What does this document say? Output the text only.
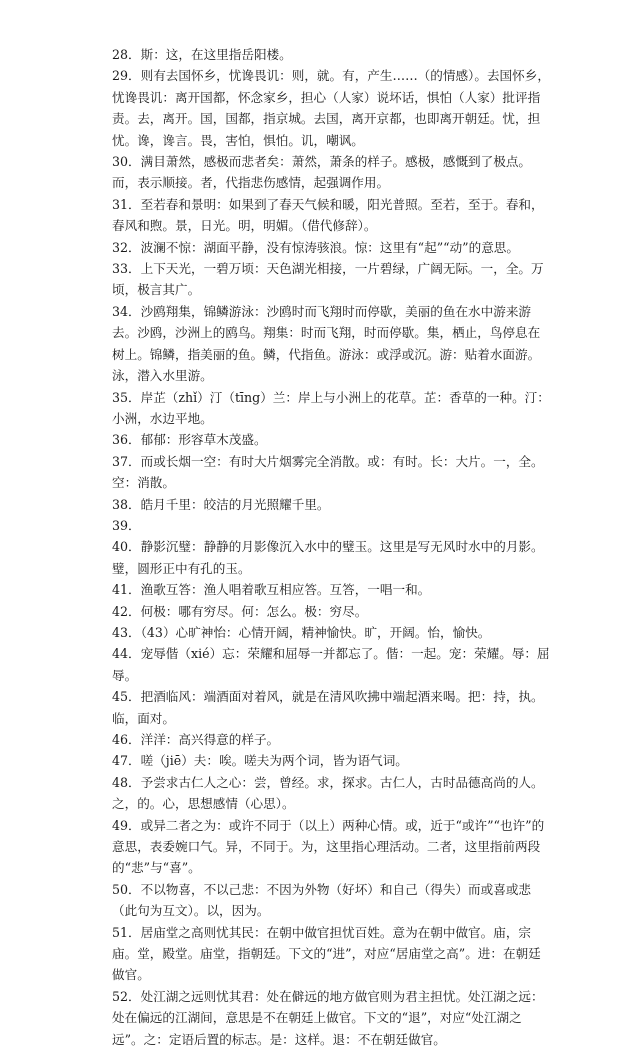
28．斯：这，在这里指岳阳楼。

29．则有去国怀乡，忧谗畏讥：则，就。有，产生……（的情感）。去国怀乡，忧谗畏讥：离开国都，怀念家乡，担心（人家）说坏话，惧怕（人家）批评指责。去，离开。国，国都，指京城。去国，离开京都，也即离开朝廷。忧，担忧。谗，谗言。畏，害怕，惧怕。讥，嘲讽。

30．满目萧然，感极而悲者矣：萧然，萧条的样子。感极，感慨到了极点。而，表示顺接。者，代指悲伤感情，起强调作用。

31．至若春和景明：如果到了春天气候和暖，阳光普照。至若，至于。春和，春风和煦。景，日光。明，明媚。（借代修辞）。

32．波澜不惊：湖面平静，没有惊涛骇浪。惊：这里有“起”“动”的意思。

33．上下天光，一碧万顷：天色湖光相接，一片碧绿，广阔无际。一，全。万顷，极言其广。

34．沙鸥翔集，锦鳞游泳：沙鸥时而飞翔时而停歇，美丽的鱼在水中游来游去。沙鸥，沙洲上的鸥鸟。翔集：时而飞翔，时而停歇。集，栖止，鸟停息在树上。锦鳞，指美丽的鱼。鳞，代指鱼。游泳：或浮或沉。游：贴着水面游。泳，潜入水里游。

35．岸芷（zhǐ）汀（tīng）兰：岸上与小洲上的花草。芷：香草的一种。汀：小洲，水边平地。

36．郁郁：形容草木茂盛。

37．而或长烟一空：有时大片烟雾完全消散。或：有时。长：大片。一，全。空：消散。

38．皓月千里：皎洁的月光照耀千里。

39．

40．静影沉璧：静静的月影像沉入水中的璧玉。这里是写无风时水中的月影。璧，圆形正中有孔的玉。

41．渔歌互答：渔人唱着歌互相应答。互答，一唱一和。

42．何极：哪有穷尽。何：怎么。极：穷尽。

43．（43）心旷神怡：心情开阔，精神愉快。旷，开阔。怡，愉快。

44．宠辱偕（xié）忘：荣耀和屈辱一并都忘了。偕：一起。宠：荣耀。辱：屈辱。

45．把酒临风：端酒面对着风，就是在清风吹拂中端起酒来喝。把：持，执。临，面对。

46．洋洋：高兴得意的样子。

47．嗟（jiē）夫：唉。嗟夫为两个词，皆为语气词。

48．予尝求古仁人之心：尝，曾经。求，探求。古仁人，古时品德高尚的人。之，的。心，思想感情（心思）。

49．或异二者之为：或许不同于（以上）两种心情。或，近于“或许”“也许”的意思，表委婉口气。异，不同于。为，这里指心理活动。二者，这里指前两段的“悲”与“喜”。

50．不以物喜，不以己悲：不因为外物（好坏）和自己（得失）而或喜或悲（此句为互文）。以，因为。

51．居庙堂之高则忧其民：在朝中做官担忧百姓。意为在朝中做官。庙，宗庙。堂，殿堂。庙堂，指朝廷。下文的“进”，对应“居庙堂之高”。进：在朝廷做官。

52．处江湖之远则忧其君：处在僻远的地方做官则为君主担忧。处江湖之远：处在偏远的江湖间，意思是不在朝廷上做官。下文的“退”，对应“处江湖之远”。之：定语后置的标志。是：这样。退：不在朝廷做官。
